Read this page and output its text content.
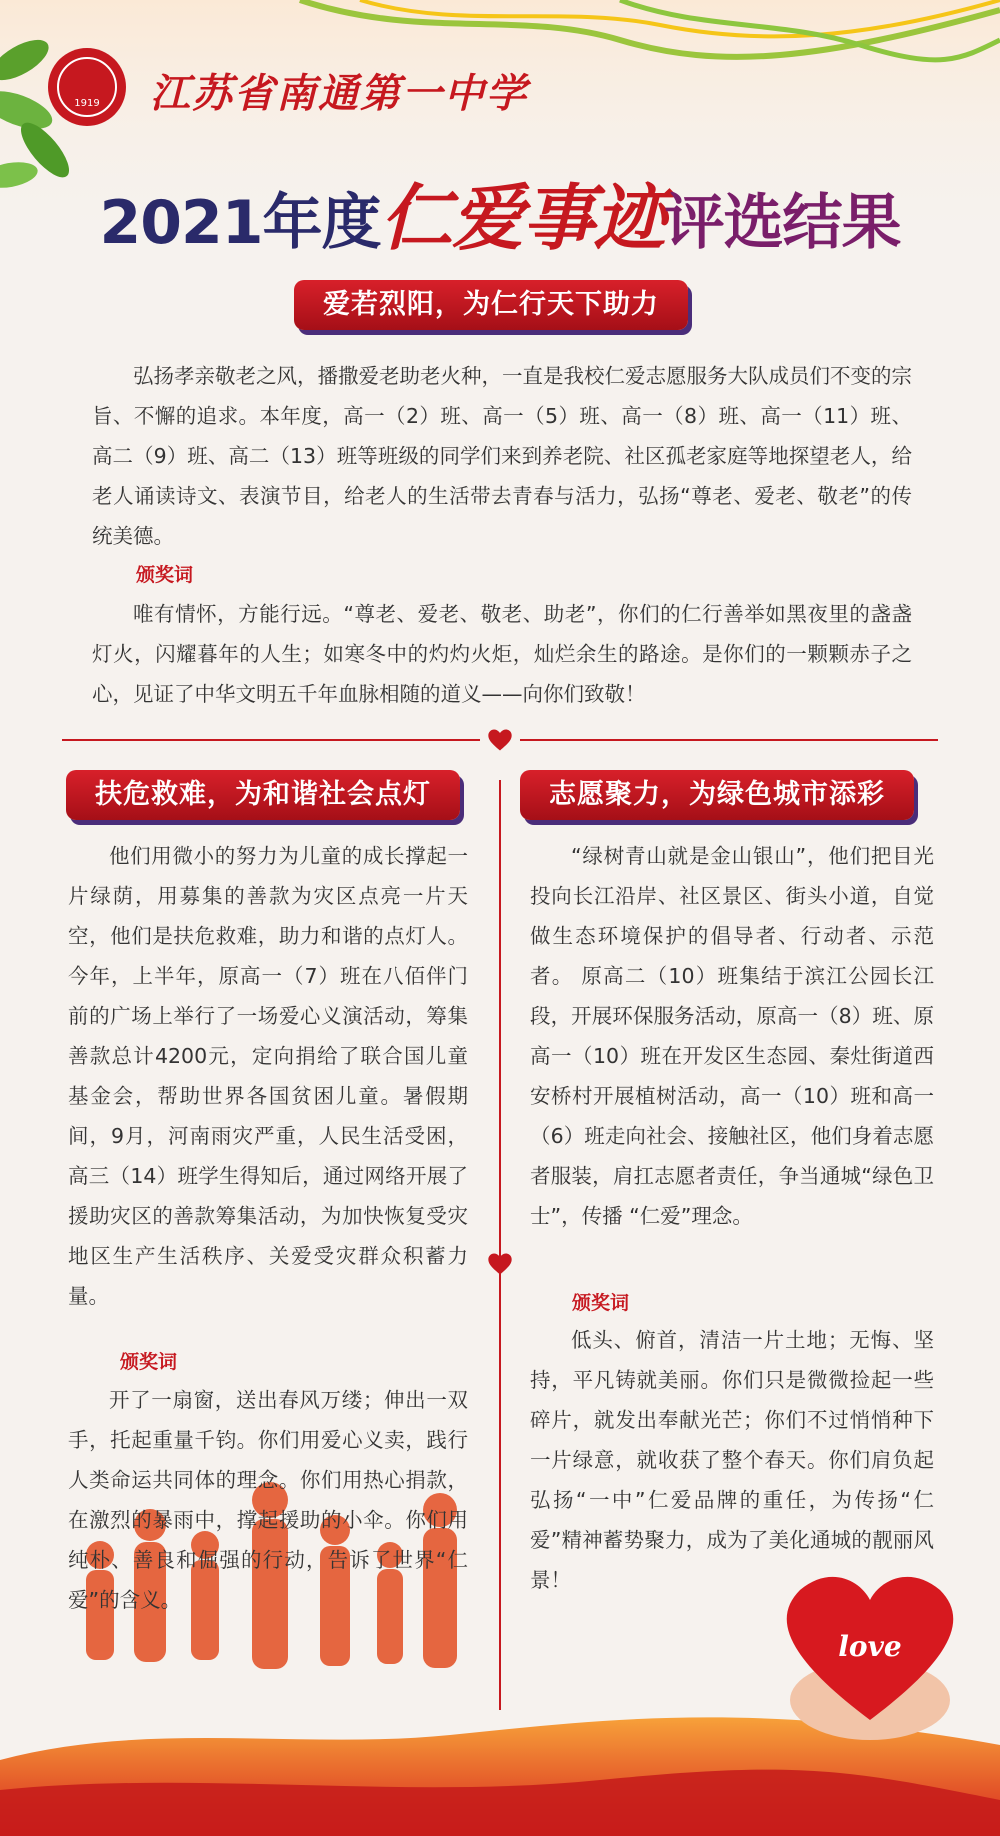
1919 江苏省南通第一中学
2021年度仁爱事迹评选结果
爱若烈阳，为仁行天下助力

弘扬孝亲敬老之风，播撒爱老助老火种，一直是我校仁爱志愿服务大队成员们不变的宗旨、不懈的追求。本年度，高一（2）班、高一（5）班、高一（8）班、高一（11）班、高二（9）班、高二（13）班等班级的同学们来到养老院、社区孤老家庭等地探望老人，给老人诵读诗文、表演节目，给老人的生活带去青春与活力，弘扬“尊老、爱老、敬老”的传统美德。

颁奖词

唯有情怀，方能行远。“尊老、爱老、敬老、助老”，你们的仁行善举如黑夜里的盏盏灯火，闪耀暮年的人生；如寒冬中的灼灼火炬，灿烂余生的路途。是你们的一颗颗赤子之心，见证了中华文明五千年血脉相随的道义——向你们致敬！

扶危救难，为和谐社会点灯

他们用微小的努力为儿童的成长撑起一片绿荫，用募集的善款为灾区点亮一片天空，他们是扶危救难，助力和谐的点灯人。今年，上半年，原高一（7）班在八佰伴门前的广场上举行了一场爱心义演活动，筹集善款总计4200元，定向捐给了联合国儿童基金会，帮助世界各国贫困儿童。暑假期间，9月，河南雨灾严重，人民生活受困，高三（14）班学生得知后，通过网络开展了援助灾区的善款筹集活动，为加快恢复受灾地区生产生活秩序、关爱受灾群众积蓄力量。

颁奖词

开了一扇窗，送出春风万缕；伸出一双手，托起重量千钧。你们用爱心义卖，践行人类命运共同体的理念。你们用热心捐款，在激烈的暴雨中，撑起援助的小伞。你们用纯朴、善良和倔强的行动，告诉了世界“仁爱”的含义。

志愿聚力，为绿色城市添彩

“绿树青山就是金山银山”，他们把目光投向长江沿岸、社区景区、街头小道，自觉做生态环境保护的倡导者、行动者、示范者。 原高二（10）班集结于滨江公园长江段，开展环保服务活动，原高一（8）班、原高一（10）班在开发区生态园、秦灶街道西安桥村开展植树活动，高一（10）班和高一（6）班走向社会、接触社区，他们身着志愿者服装，肩扛志愿者责任，争当通城“绿色卫士”，传播 “仁爱”理念。

颁奖词

低头、俯首，清洁一片土地；无悔、坚持，平凡铸就美丽。你们只是微微捡起一些碎片，就发出奉献光芒；你们不过悄悄种下一片绿意，就收获了整个春天。你们肩负起弘扬“一中”仁爱品牌的重任，为传扬“仁爱”精神蓄势聚力，成为了美化通城的靓丽风景！

love
